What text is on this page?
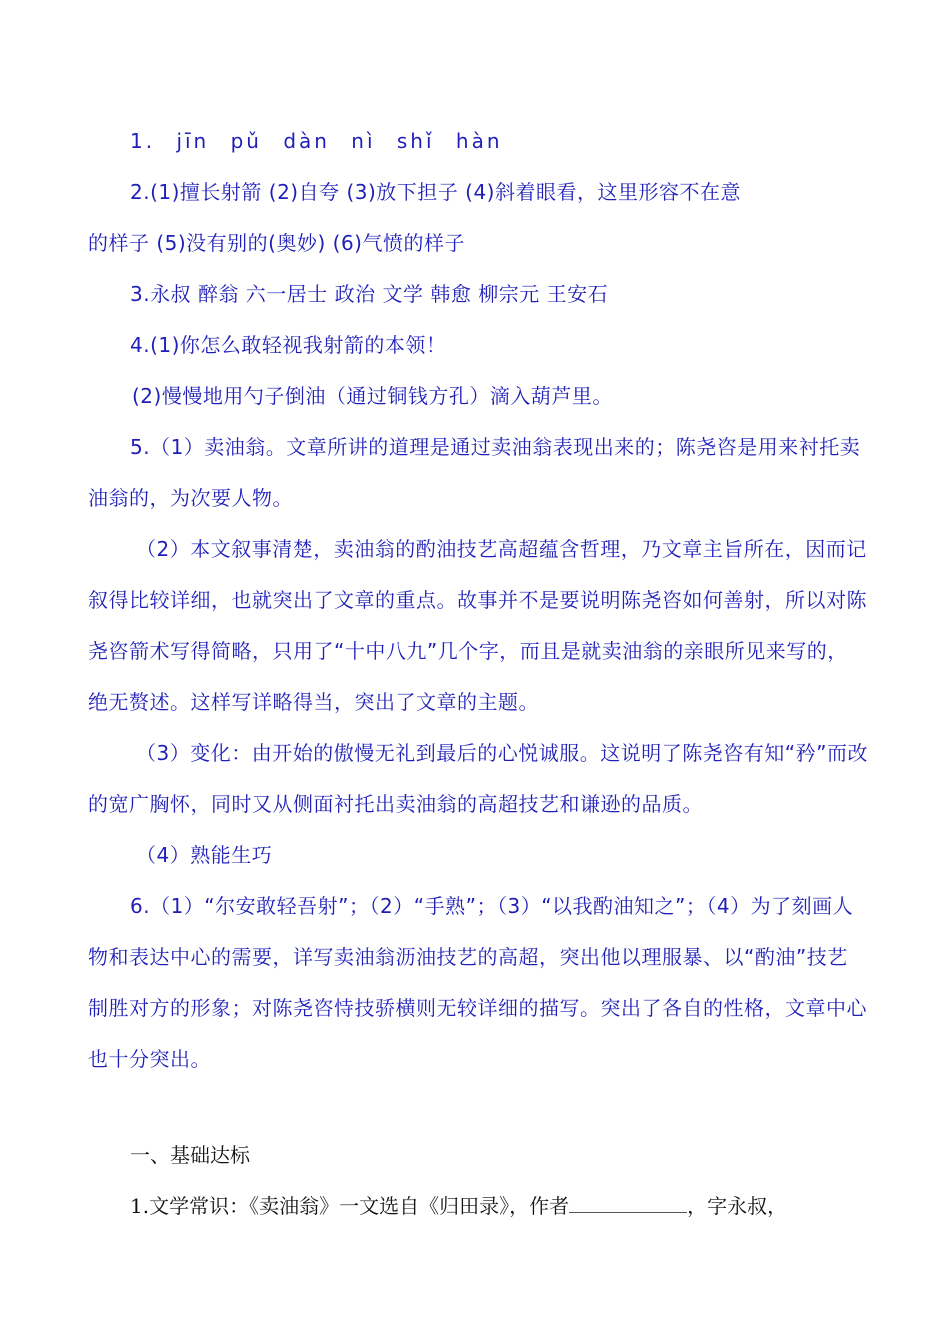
1. jīn pǔ dàn nì shǐ hàn

2.(1)擅长射箭 (2)自夸 (3)放下担子 (4)斜着眼看，这里形容不在意

的样子 (5)没有别的(奥妙) (6)气愤的样子

3.永叔 醉翁 六一居士 政治 文学 韩愈 柳宗元 王安石

4.(1)你怎么敢轻视我射箭的本领！

(2)慢慢地用勺子倒油（通过铜钱方孔）滴入葫芦里。

5.（1）卖油翁。文章所讲的道理是通过卖油翁表现出来的；陈尧咨是用来衬托卖油翁的，为次要人物。

（2）本文叙事清楚，卖油翁的酌油技艺高超蕴含哲理，乃文章主旨所在，因而记叙得比较详细，也就突出了文章的重点。故事并不是要说明陈尧咨如何善射，所以对陈尧咨箭术写得简略，只用了“十中八九”几个字，而且是就卖油翁的亲眼所见来写的，绝无赘述。这样写详略得当，突出了文章的主题。

（3）变化：由开始的傲慢无礼到最后的心悦诚服。这说明了陈尧咨有知“矜”而改的宽广胸怀，同时又从侧面衬托出卖油翁的高超技艺和谦逊的品质。

（4）熟能生巧

6.（1）“尔安敢轻吾射”；（2）“手熟”；（3）“以我酌油知之”；（4）为了刻画人物和表达中心的需要，详写卖油翁沥油技艺的高超，突出他以理服暴、以“酌油”技艺制胜对方的形象；对陈尧咨恃技骄横则无较详细的描写。突出了各自的性格，文章中心也十分突出。

一、基础达标

1.文学常识：《卖油翁》一文选自《归田录》，作者	，字永叔，
